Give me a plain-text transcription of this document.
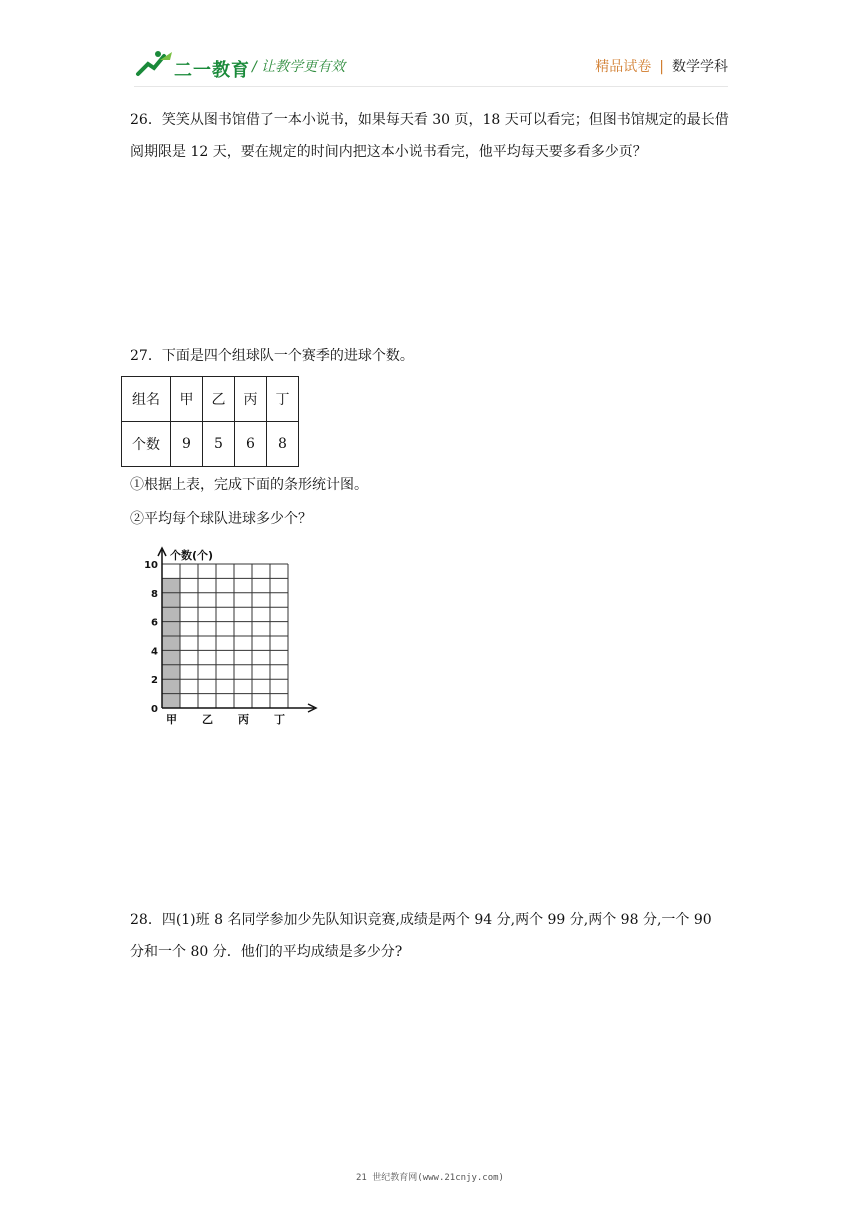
二一教育 / 让教学更有效	精品试卷 | 数学学科
26．笑笑从图书馆借了一本小说书，如果每天看 30 页，18 天可以看完；但图书馆规定的最长借阅期限是 12 天，要在规定的时间内把这本小说书看完，他平均每天要多看多少页？
27．下面是四个组球队一个赛季的进球个数。
组名	甲	乙	丙	丁
个数	9	5	6	8
①根据上表，完成下面的条形统计图。
②平均每个球队进球多少个？
个数(个)
0
2
4
6
8
10
甲 乙 丙 丁
28．四(1)班 8 名同学参加少先队知识竞赛,成绩是两个 94 分,两个 99 分,两个 98 分,一个 90 分和一个 80 分．他们的平均成绩是多少分?
21 世纪教育网(www.21cnjy.com)
